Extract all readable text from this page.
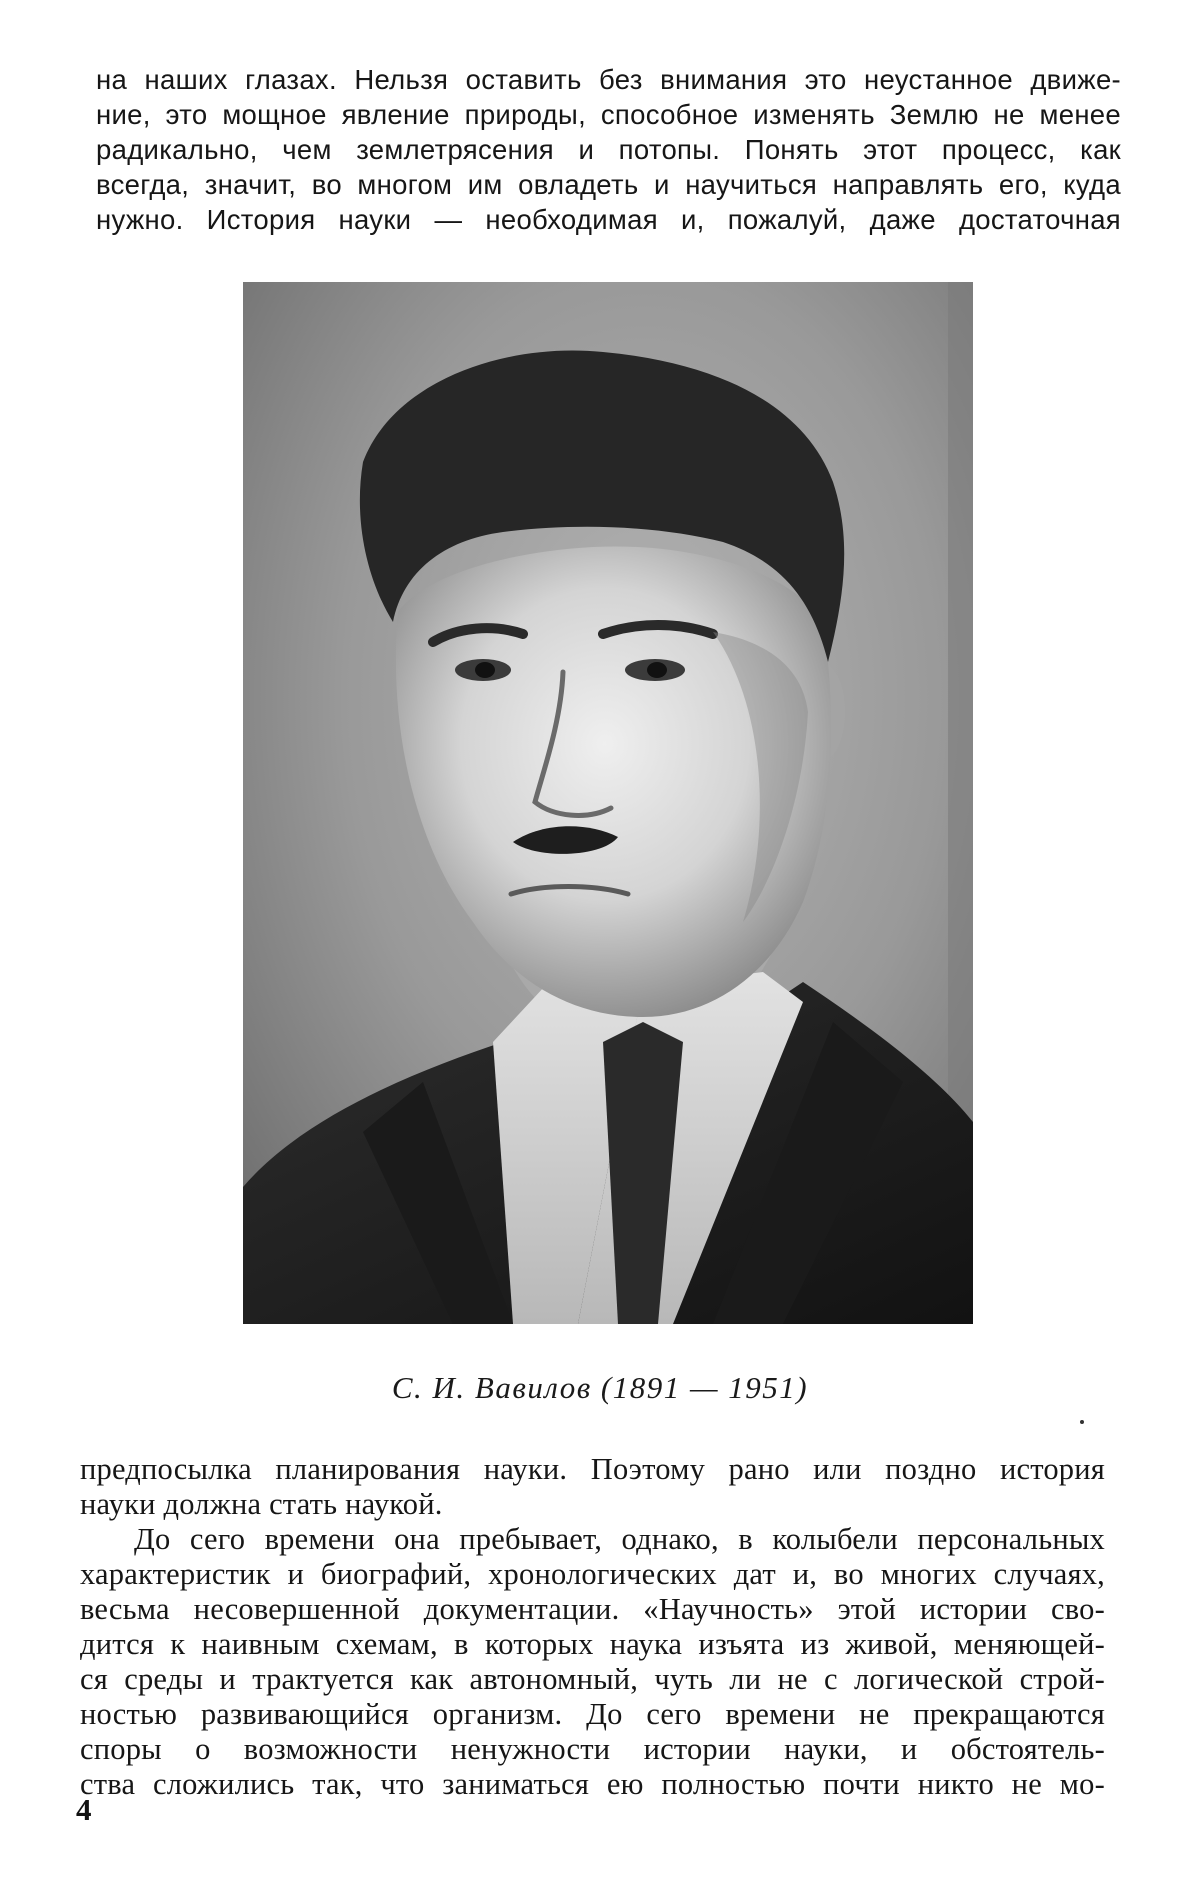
на наших глазах. Нельзя оставить без внимания это неустанное движе-
ние, это мощное явление природы, способное изменять Землю не менее
радикально, чем землетрясения и потопы. Понять этот процесс, как
всегда, значит, во многом им овладеть и научиться направлять его, куда
нужно. История науки — необходимая и, пожалуй, даже достаточная
С. И. Вавилов (1891 — 1951)
предпосылка планирования науки. Поэтому рано или поздно история
науки должна стать наукой.
До сего времени она пребывает, однако, в колыбели персональных
характеристик и биографий, хронологических дат и, во многих случаях,
весьма несовершенной документации. «Научность» этой истории сво-
дится к наивным схемам, в которых наука изъята из живой, меняющей-
ся среды и трактуется как автономный, чуть ли не с логической строй-
ностью развивающийся организм. До сего времени не прекращаются
споры о возможности ненужности истории науки, и обстоятель-
ства сложились так, что заниматься ею полностью почти никто не мо-
4
